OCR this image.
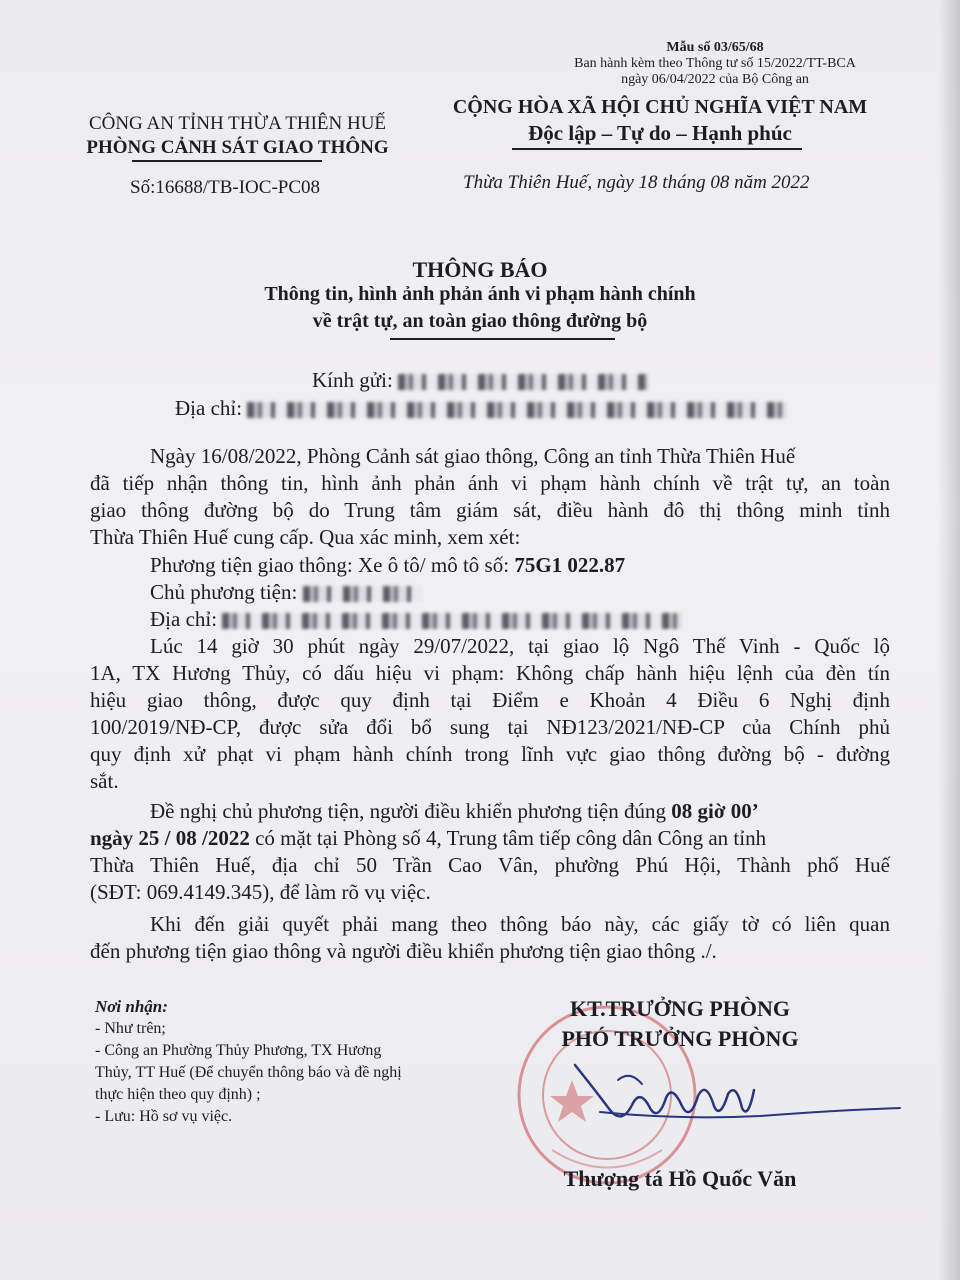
Mẫu số 03/65/68
Ban hành kèm theo Thông tư số 15/2022/TT-BCA
ngày 06/04/2022 của Bộ Công an
CÔNG AN TỈNH THỪA THIÊN HUẾ
PHÒNG CẢNH SÁT GIAO THÔNG
CỘNG HÒA XÃ HỘI CHỦ NGHĨA VIỆT NAM
Độc lập – Tự do – Hạnh phúc
Số:16688/TB-IOC-PC08	Thừa Thiên Huế, ngày 18 tháng 08 năm 2022
THÔNG BÁO
Thông tin, hình ảnh phản ánh vi phạm hành chính
về trật tự, an toàn giao thông đường bộ
Kính gửi:
Địa chỉ:
Ngày 16/08/2022, Phòng Cảnh sát giao thông, Công an tỉnh Thừa Thiên Huế
đã tiếp nhận thông tin, hình ảnh phản ánh vi phạm hành chính về trật tự, an toàn
giao thông đường bộ do Trung tâm giám sát, điều hành đô thị thông minh tỉnh
Thừa Thiên Huế cung cấp. Qua xác minh, xem xét:
Phương tiện giao thông: Xe ô tô/ mô tô số: 75G1 022.87
Chủ phương tiện:
Địa chỉ:
Lúc 14 giờ 30 phút ngày 29/07/2022, tại giao lộ Ngô Thế Vinh - Quốc lộ
1A, TX Hương Thủy, có dấu hiệu vi phạm: Không chấp hành hiệu lệnh của đèn tín
hiệu giao thông, được quy định tại Điểm e Khoản 4 Điều 6 Nghị định
100/2019/NĐ-CP, được sửa đổi bổ sung tại NĐ123/2021/NĐ-CP của Chính phủ
quy định xử phạt vi phạm hành chính trong lĩnh vực giao thông đường bộ - đường
sắt.
Đề nghị chủ phương tiện, người điều khiển phương tiện đúng 08 giờ 00’
ngày 25 / 08 /2022 có mặt tại Phòng số 4, Trung tâm tiếp công dân Công an tỉnh
Thừa Thiên Huế, địa chỉ 50 Trần Cao Vân, phường Phú Hội, Thành phố Huế
(SĐT: 069.4149.345), để làm rõ vụ việc.
Khi đến giải quyết phải mang theo thông báo này, các giấy tờ có liên quan
đến phương tiện giao thông và người điều khiển phương tiện giao thông ./.
Nơi nhận:
- Như trên;
- Công an Phường Thủy Phương, TX Hương
Thủy, TT Huế (Để chuyển thông báo và đề nghị
thực hiện theo quy định) ;
- Lưu: Hồ sơ vụ việc.
KT.TRƯỞNG PHÒNG
PHÓ TRƯỞNG PHÒNG
Thượng tá Hồ Quốc Văn
